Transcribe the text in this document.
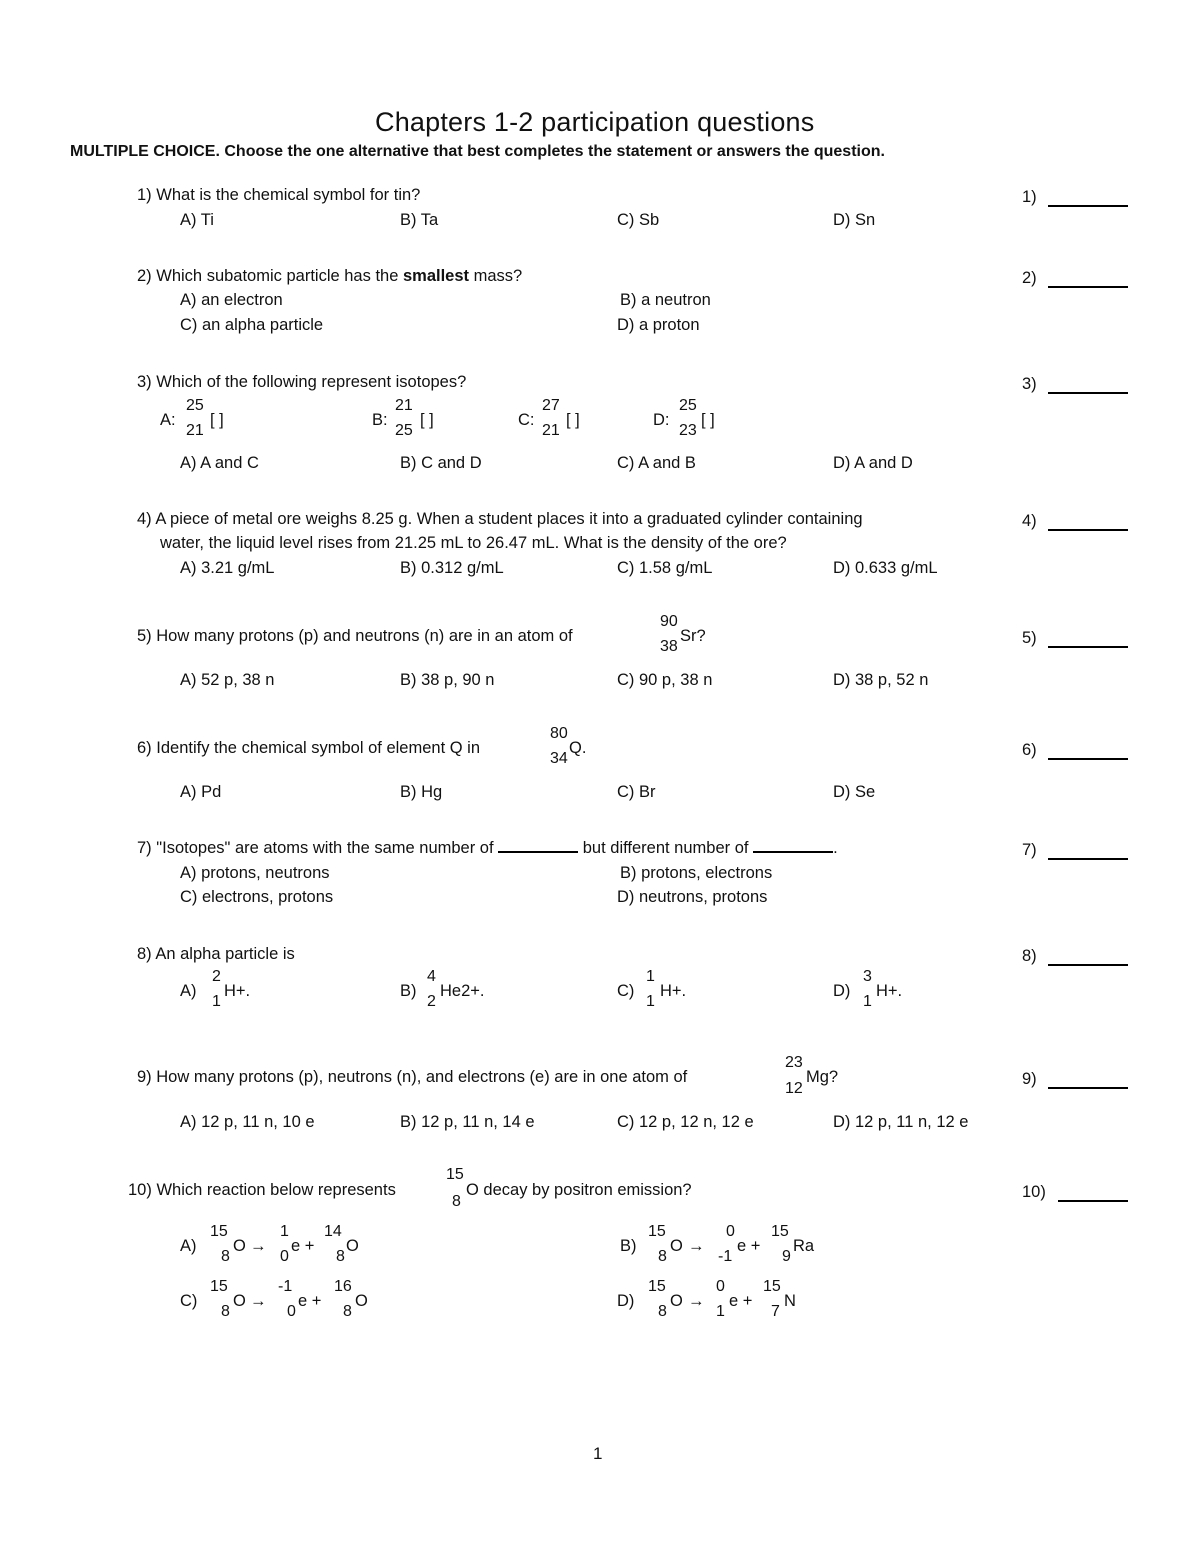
Chapters 1-2 participation questions
MULTIPLE CHOICE. Choose the one alternative that best completes the statement or answers the question.
1) What is the chemical symbol for tin?	1)
A) Ti	B) Ta	C) Sb	D) Sn
2) Which subatomic particle has the smallest mass?	2)
A) an electron	B) a neutron
C) an alpha particle	D) a proton
3) Which of the following represent isotopes?	3)
A:
25
21
[ ]	B:
21
25
[ ]	C:
27
21
[ ]	D:
25
23
[ ]
A) A and C	B) C and D	C) A and B	D) A and D
4) A piece of metal ore weighs 8.25 g. When a student places it into a graduated cylinder containing
water, the liquid level rises from 21.25 mL to 26.47 mL. What is the density of the ore?
4)
A) 3.21 g/mL	B) 0.312 g/mL	C) 1.58 g/mL	D) 0.633 g/mL
5) How many protons (p) and neutrons (n) are in an atom of
90
38
Sr?	5)
A) 52 p, 38 n	B) 38 p, 90 n	C) 90 p, 38 n	D) 38 p, 52 n
6) Identify the chemical symbol of element Q in
80
34
Q.	6)
A) Pd	B) Hg	C) Br	D) Se
7) "Isotopes" are atoms with the same number of	but different number of	.	7)
A) protons, neutrons	B) protons, electrons
C) electrons, protons	D) neutrons, protons
8) An alpha particle is	8)
A)
2
1
H+.	B)
4
2
He2+.	C)
1
1
H+.	D)
3
1
H+.
9) How many protons (p), neutrons (n), and electrons (e) are in one atom of
23
12
Mg?	9)
A) 12 p, 11 n, 10 e	B) 12 p, 11 n, 14 e	C) 12 p, 12 n, 12 e	D) 12 p, 11 n, 12 e
10) Which reaction below represents
15
8
O decay by positron emission?	10)
A)
15
8
O →
1
0
e +
14
8
O	B)
15
8
O →
0
-1
e +
15
9
Ra
C)
15
8
O →
-1
0
e +
16
8
O	D)
15
8
O →
0
1
e +
15
7
N
1
